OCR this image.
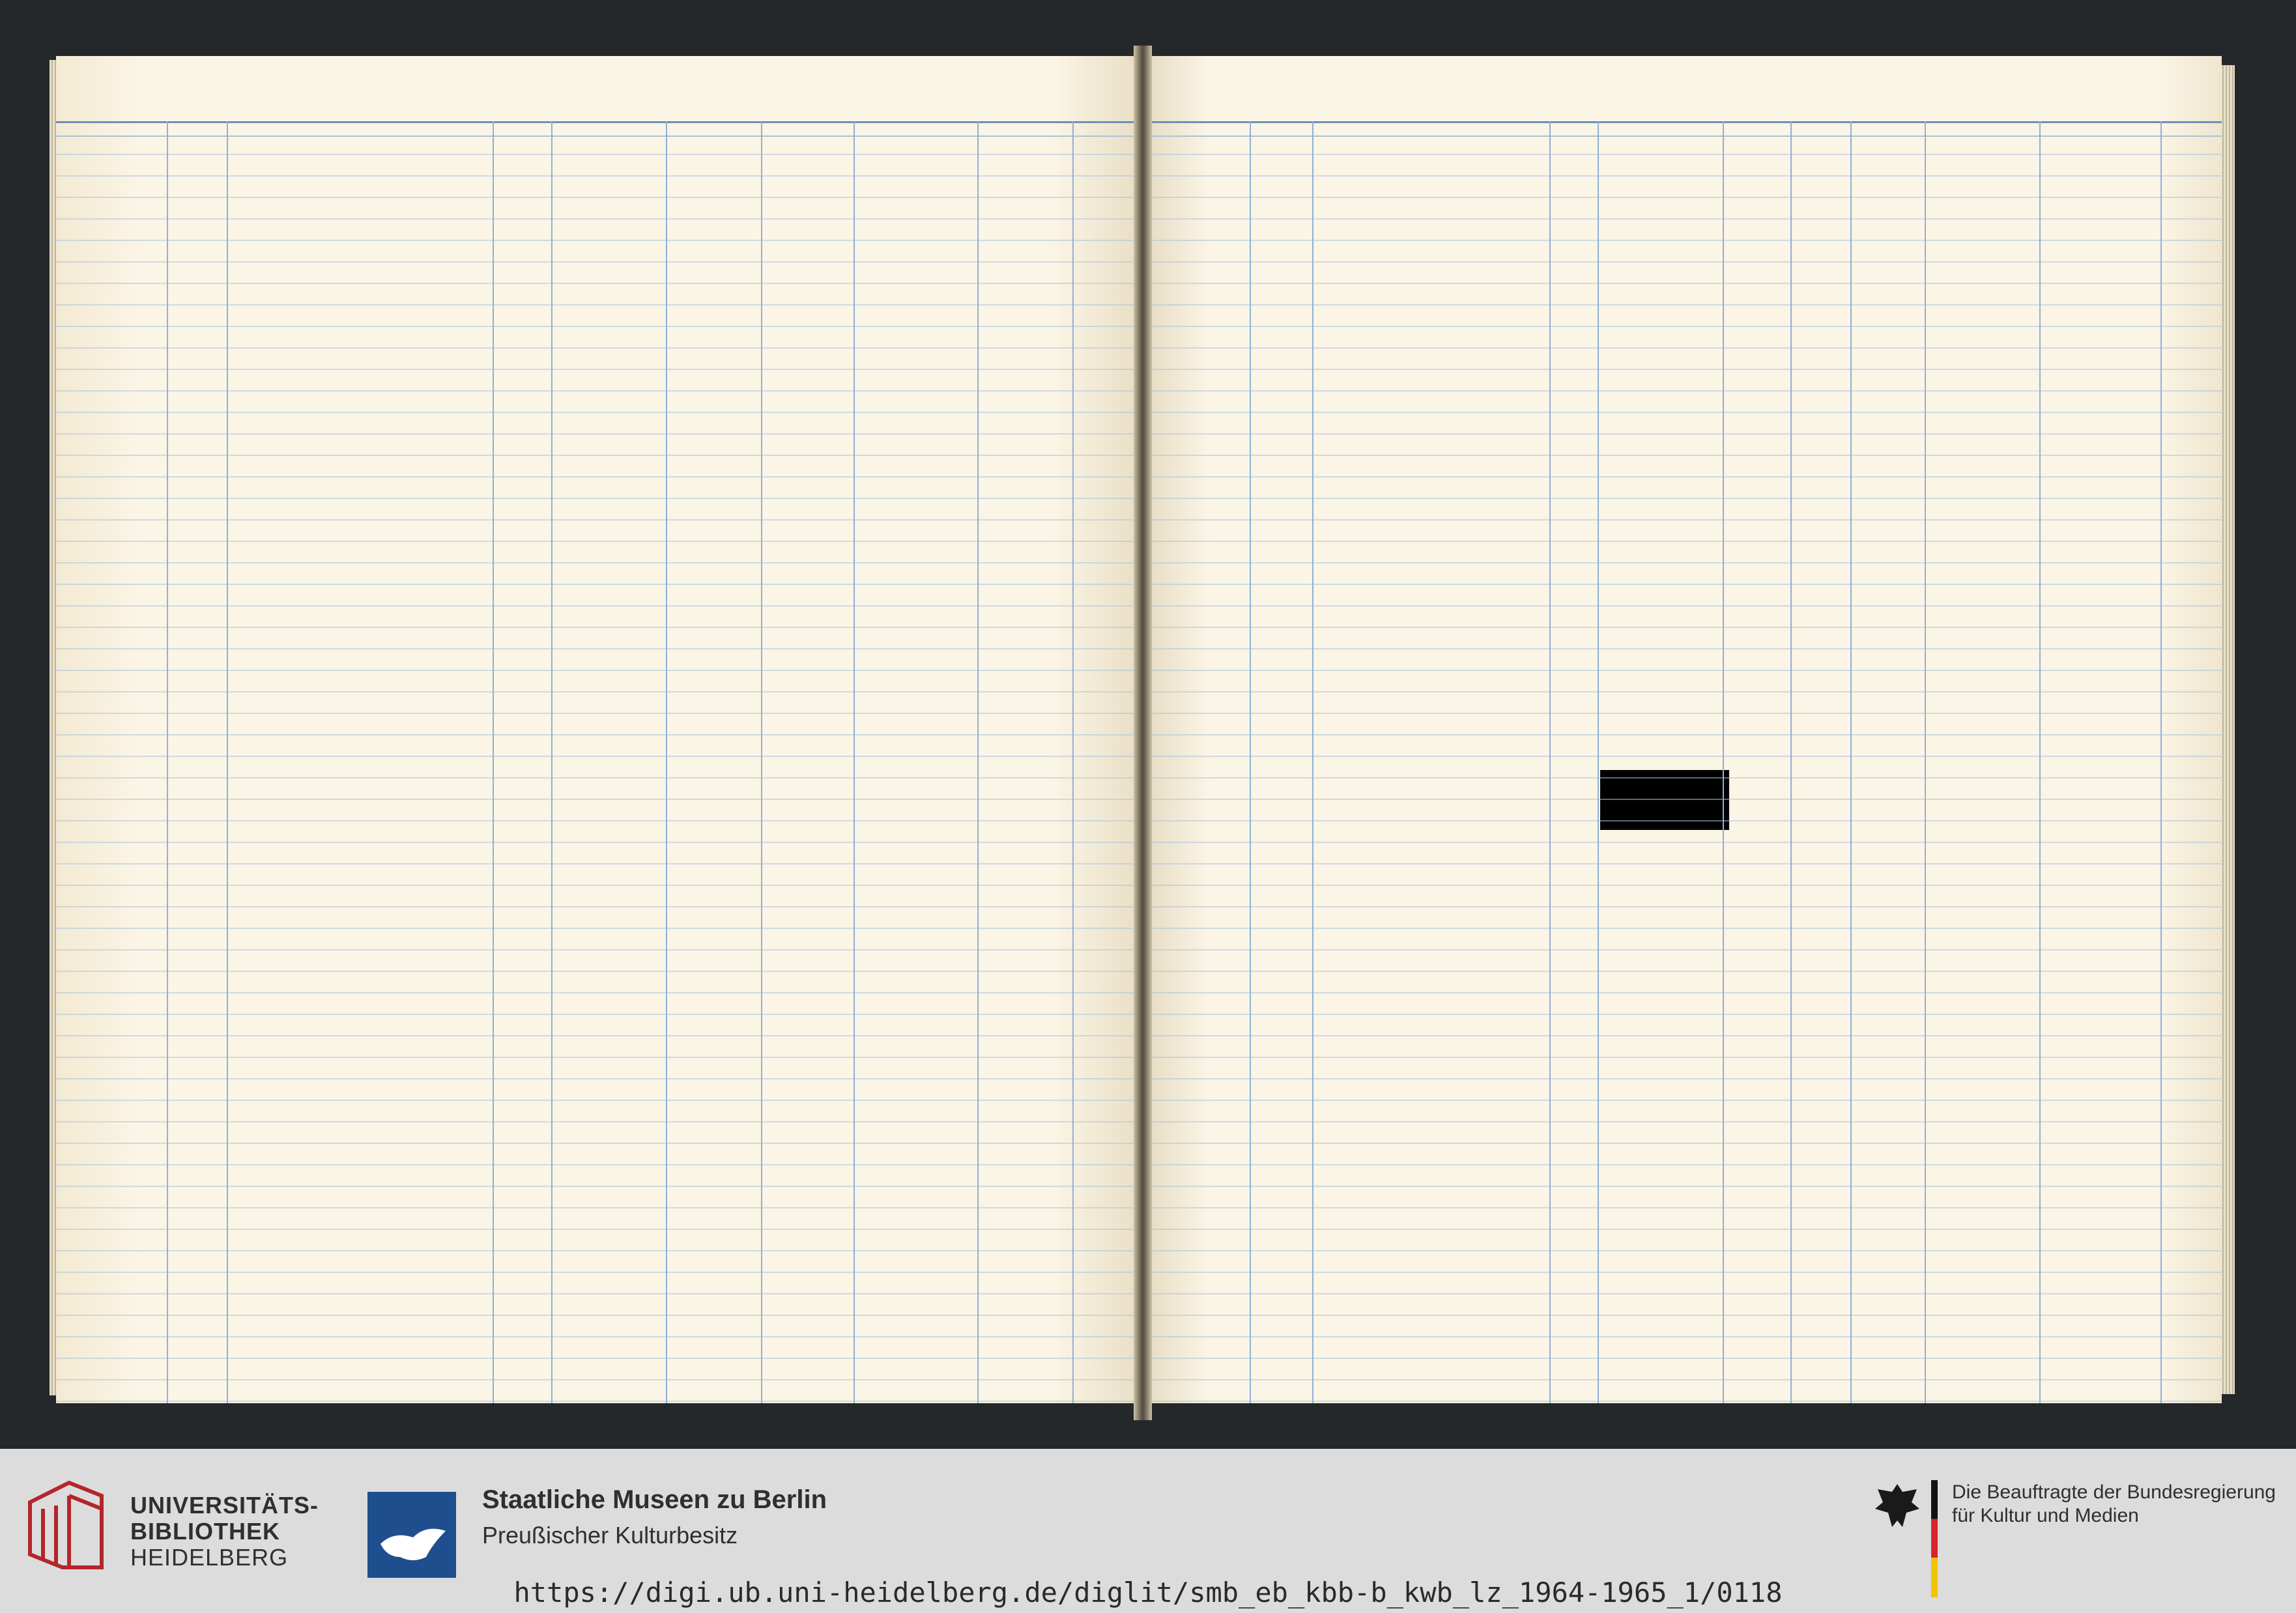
UNIVERSITÄTS-
BIBLIOTHEK
HEIDELBERG
Staatliche Museen zu Berlin
Preußischer Kulturbesitz
Die Beauftragte der Bundesregierung
für Kultur und Medien
https://digi.ub.uni-heidelberg.de/diglit/smb_eb_kbb-b_kwb_lz_1964-1965_1/0118
